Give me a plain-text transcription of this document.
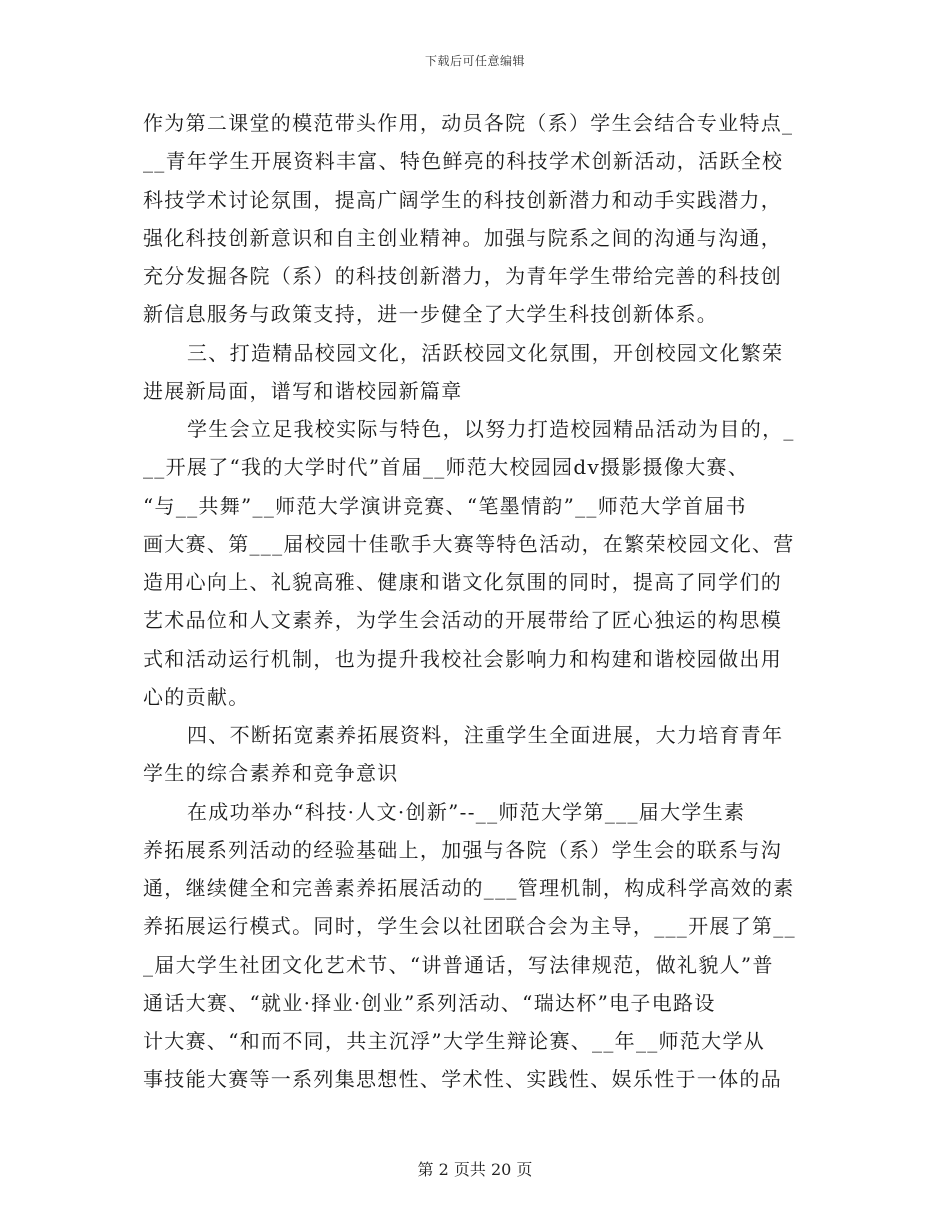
下载后可任意编辑
作为第二课堂的模范带头作用，动员各院（系）学生会结合专业特点_
__青年学生开展资料丰富、特色鲜亮的科技学术创新活动，活跃全校
科技学术讨论氛围，提高广阔学生的科技创新潜力和动手实践潜力，
强化科技创新意识和自主创业精神。加强与院系之间的沟通与沟通，
充分发掘各院（系）的科技创新潜力，为青年学生带给完善的科技创
新信息服务与政策支持，进一步健全了大学生科技创新体系。
三、打造精品校园文化，活跃校园文化氛围，开创校园文化繁荣
进展新局面，谱写和谐校园新篇章
学生会立足我校实际与特色，以努力打造校园精品活动为目的，_
__开展了“我的大学时代”首届__师范大校园园dv摄影摄像大赛、
“与__共舞”__师范大学演讲竞赛、“笔墨情韵”__师范大学首届书
画大赛、第___届校园十佳歌手大赛等特色活动，在繁荣校园文化、营
造用心向上、礼貌高雅、健康和谐文化氛围的同时，提高了同学们的
艺术品位和人文素养，为学生会活动的开展带给了匠心独运的构思模
式和活动运行机制，也为提升我校社会影响力和构建和谐校园做出用
心的贡献。
四、不断拓宽素养拓展资料，注重学生全面进展，大力培育青年
学生的综合素养和竞争意识
在成功举办“科技·人文·创新”--__师范大学第___届大学生素
养拓展系列活动的经验基础上，加强与各院（系）学生会的联系与沟
通，继续健全和完善素养拓展活动的___管理机制，构成科学高效的素
养拓展运行模式。同时，学生会以社团联合会为主导，___开展了第__
_届大学生社团文化艺术节、“讲普通话，写法律规范，做礼貌人”普
通话大赛、“就业·择业·创业”系列活动、“瑞达杯”电子电路设
计大赛、“和而不同，共主沉浮”大学生辩论赛、__年__师范大学从
事技能大赛等一系列集思想性、学术性、实践性、娱乐性于一体的品
第 2 页共 20 页
